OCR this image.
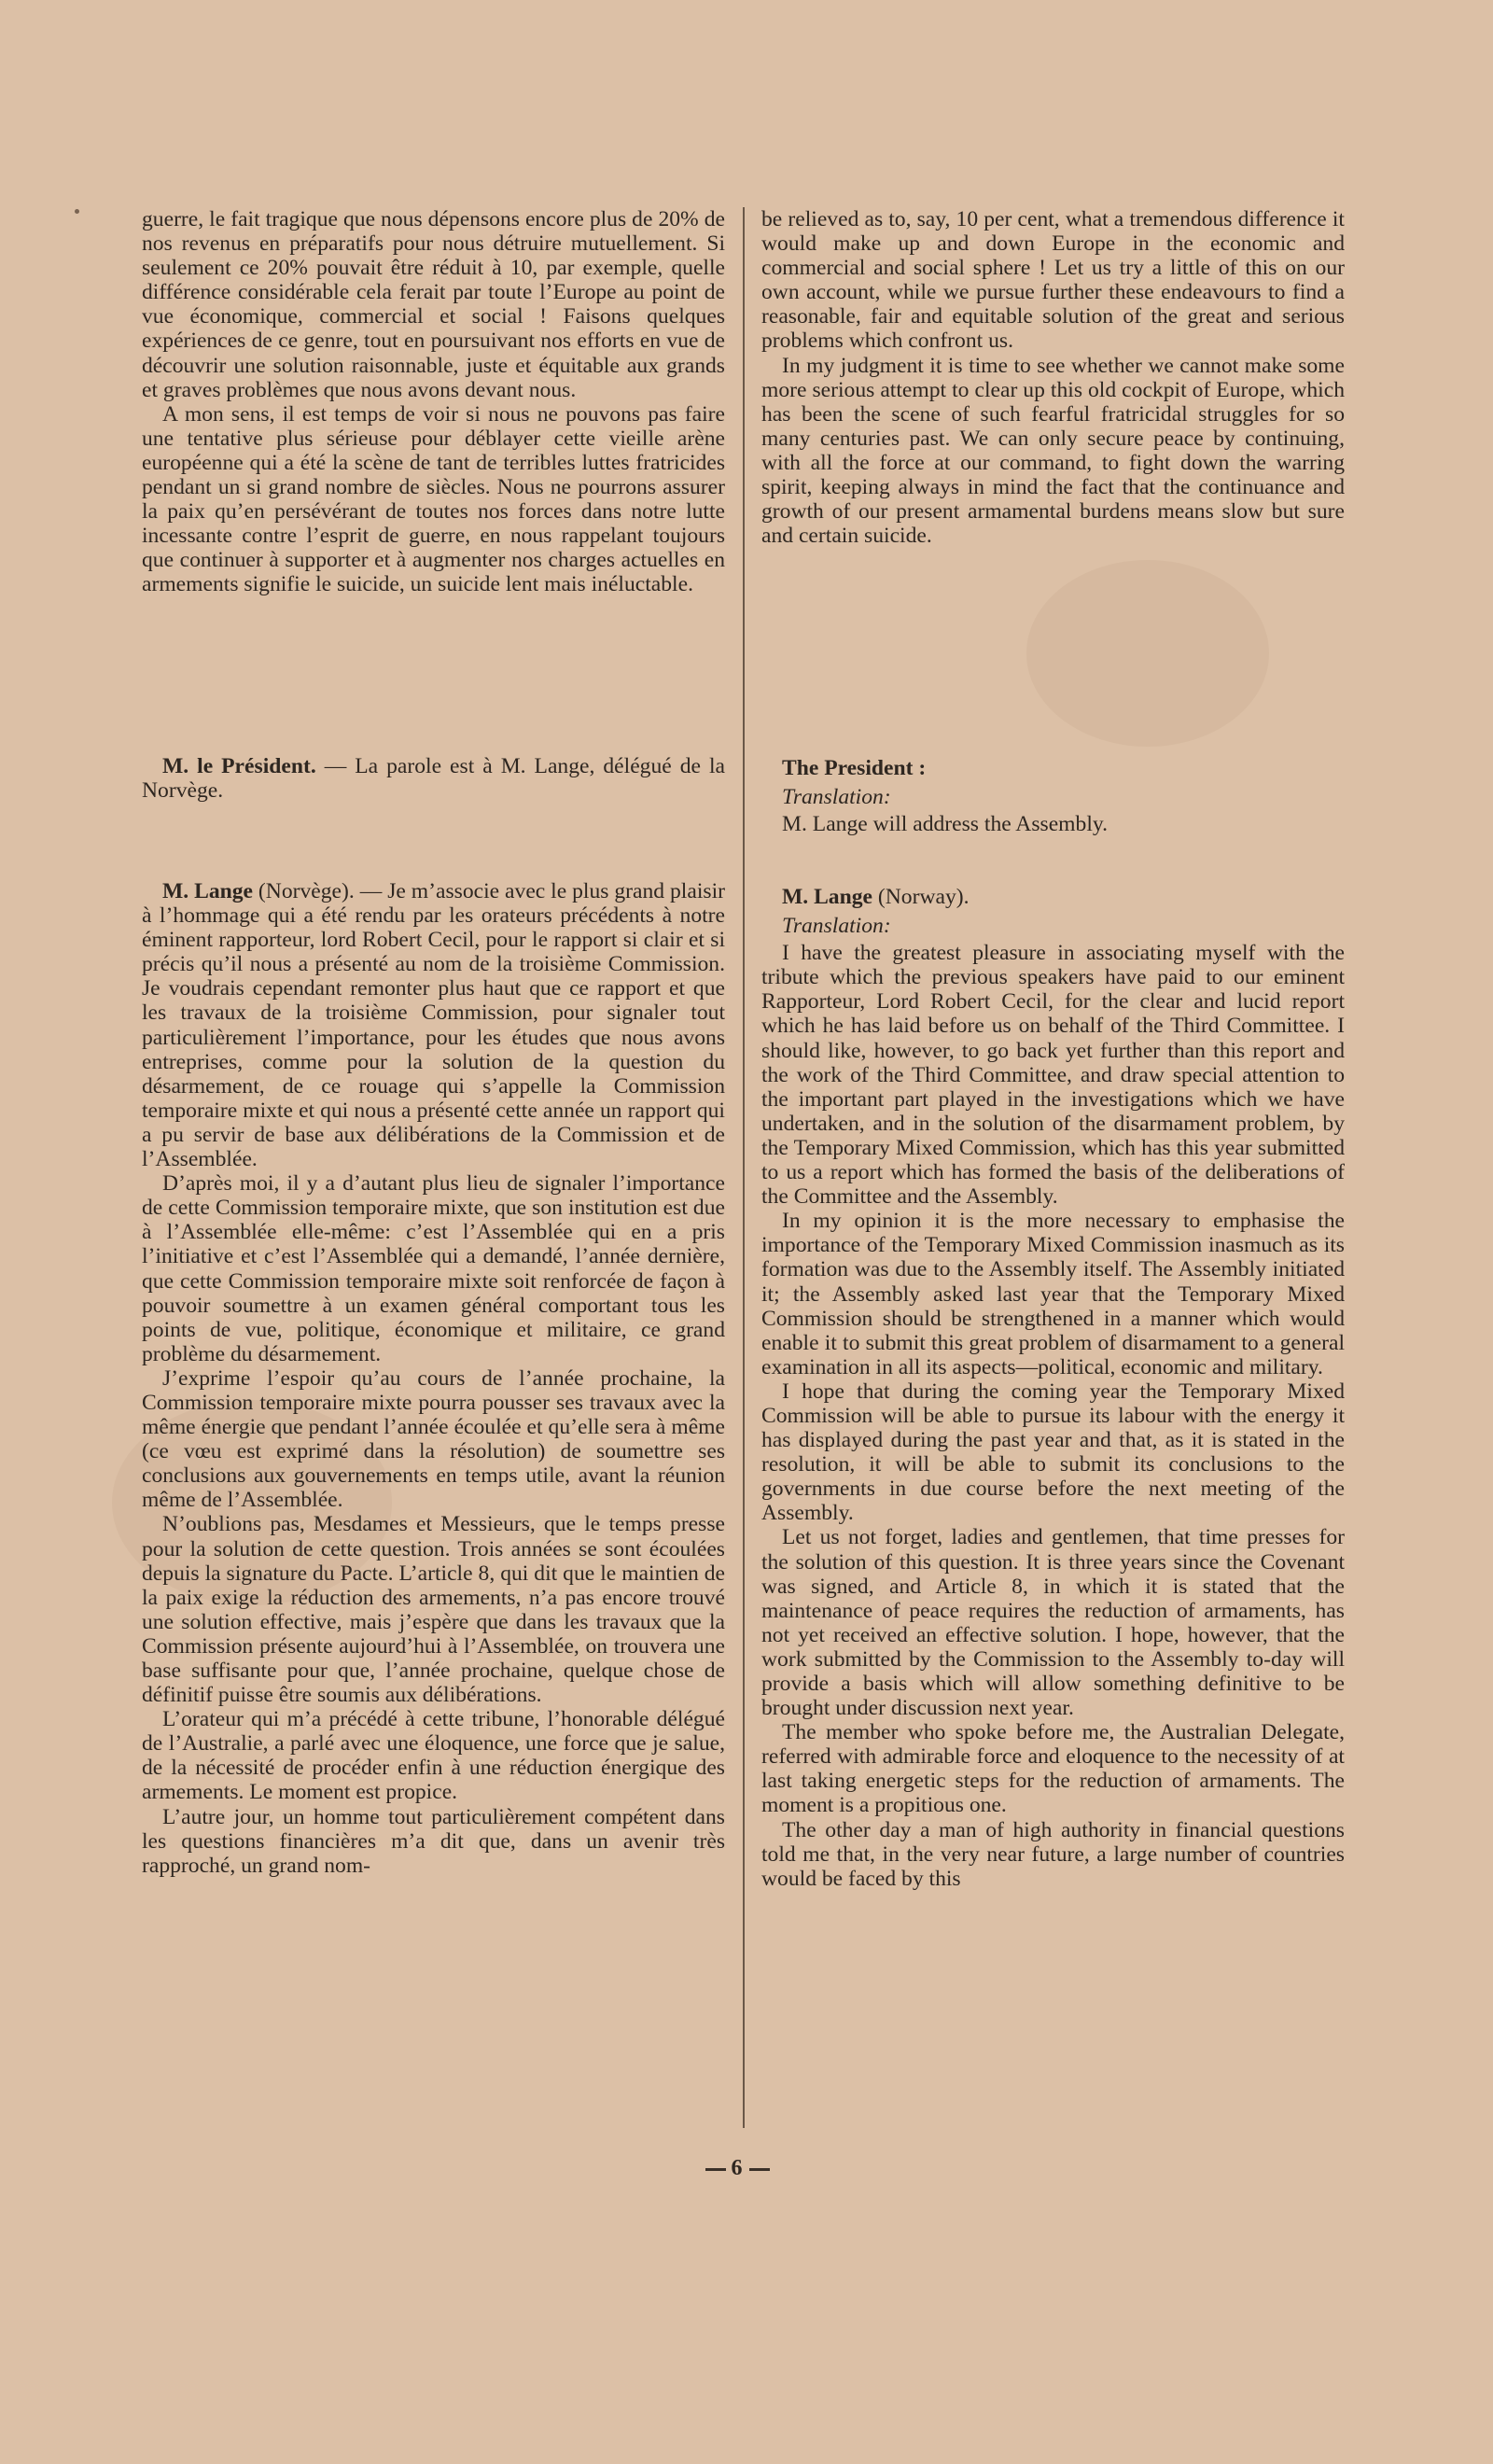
guerre, le fait tragique que nous dépensons encore plus de 20% de nos revenus en préparatifs pour nous détruire mutuellement. Si seulement ce 20% pouvait être réduit à 10, par exemple, quelle différence considérable cela ferait par toute l’Europe au point de vue économique, commercial et social ! Faisons quelques expériences de ce genre, tout en poursuivant nos efforts en vue de découvrir une solution raisonnable, juste et équitable aux grands et graves problèmes que nous avons devant nous.

A mon sens, il est temps de voir si nous ne pouvons pas faire une tentative plus sérieuse pour déblayer cette vieille arène européenne qui a été la scène de tant de terribles luttes fratricides pendant un si grand nombre de siècles. Nous ne pourrons assurer la paix qu’en persévérant de toutes nos forces dans notre lutte incessante contre l’esprit de guerre, en nous rappelant toujours que continuer à supporter et à augmenter nos charges actuelles en armements signifie le suicide, un suicide lent mais inéluctable.

M. le Président. — La parole est à M. Lange, délégué de la Norvège.

M. Lange (Norvège). — Je m’associe avec le plus grand plaisir à l’hommage qui a été rendu par les orateurs précédents à notre éminent rapporteur, lord Robert Cecil, pour le rapport si clair et si précis qu’il nous a présenté au nom de la troisième Commission. Je voudrais cependant remonter plus haut que ce rapport et que les travaux de la troisième Commission, pour signaler tout particulièrement l’importance, pour les études que nous avons entreprises, comme pour la solution de la question du désarmement, de ce rouage qui s’appelle la Commission temporaire mixte et qui nous a présenté cette année un rapport qui a pu servir de base aux délibérations de la Commission et de l’Assemblée.

D’après moi, il y a d’autant plus lieu de signaler l’importance de cette Commission temporaire mixte, que son institution est due à l’Assemblée elle-même: c’est l’Assemblée qui en a pris l’initiative et c’est l’Assemblée qui a demandé, l’année dernière, que cette Commission temporaire mixte soit renforcée de façon à pouvoir soumettre à un examen général comportant tous les points de vue, politique, économique et militaire, ce grand problème du désarmement.

J’exprime l’espoir qu’au cours de l’année prochaine, la Commission temporaire mixte pourra pousser ses travaux avec la même énergie que pendant l’année écoulée et qu’elle sera à même (ce vœu est exprimé dans la résolution) de soumettre ses conclusions aux gouvernements en temps utile, avant la réunion même de l’Assemblée.

N’oublions pas, Mesdames et Messieurs, que le temps presse pour la solution de cette question. Trois années se sont écoulées depuis la signature du Pacte. L’article 8, qui dit que le maintien de la paix exige la réduction des armements, n’a pas encore trouvé une solution effective, mais j’espère que dans les travaux que la Commission présente aujourd’hui à l’Assemblée, on trouvera une base suffisante pour que, l’année prochaine, quelque chose de définitif puisse être soumis aux délibérations.

L’orateur qui m’a précédé à cette tribune, l’honorable délégué de l’Australie, a parlé avec une éloquence, une force que je salue, de la nécessité de procéder enfin à une réduction énergique des armements. Le moment est propice.

L’autre jour, un homme tout particulièrement compétent dans les questions financières m’a dit que, dans un avenir très rapproché, un grand nom-

be relieved as to, say, 10 per cent, what a tremendous difference it would make up and down Europe in the economic and commercial and social sphere ! Let us try a little of this on our own account, while we pursue further these endeavours to find a reasonable, fair and equitable solution of the great and serious problems which confront us.

In my judgment it is time to see whether we cannot make some more serious attempt to clear up this old cockpit of Europe, which has been the scene of such fearful fratricidal struggles for so many centuries past. We can only secure peace by continuing, with all the force at our command, to fight down the warring spirit, keeping always in mind the fact that the continuance and growth of our present armamental burdens means slow but sure and certain suicide.

The President :

Translation:

M. Lange will address the Assembly.

M. Lange (Norway).

Translation:

I have the greatest pleasure in associating myself with the tribute which the previous speakers have paid to our eminent Rapporteur, Lord Robert Cecil, for the clear and lucid report which he has laid before us on behalf of the Third Committee. I should like, however, to go back yet further than this report and the work of the Third Committee, and draw special attention to the important part played in the investigations which we have undertaken, and in the solution of the disarmament problem, by the Temporary Mixed Commission, which has this year submitted to us a report which has formed the basis of the deliberations of the Committee and the Assembly.

In my opinion it is the more necessary to emphasise the importance of the Temporary Mixed Commission inasmuch as its formation was due to the Assembly itself. The Assembly initiated it; the Assembly asked last year that the Temporary Mixed Commission should be strengthened in a manner which would enable it to submit this great problem of disarmament to a general examination in all its aspects—political, economic and military.

I hope that during the coming year the Temporary Mixed Commission will be able to pursue its labour with the energy it has displayed during the past year and that, as it is stated in the resolution, it will be able to submit its conclusions to the governments in due course before the next meeting of the Assembly.

Let us not forget, ladies and gentlemen, that time presses for the solution of this question. It is three years since the Covenant was signed, and Article 8, in which it is stated that the maintenance of peace requires the reduction of armaments, has not yet received an effective solution. I hope, however, that the work submitted by the Commission to the Assembly to-day will provide a basis which will allow something definitive to be brought under discussion next year.

The member who spoke before me, the Australian Delegate, referred with admirable force and eloquence to the necessity of at last taking energetic steps for the reduction of armaments. The moment is a propitious one.

The other day a man of high authority in financial questions told me that, in the very near future, a large number of countries would be faced by this

6
